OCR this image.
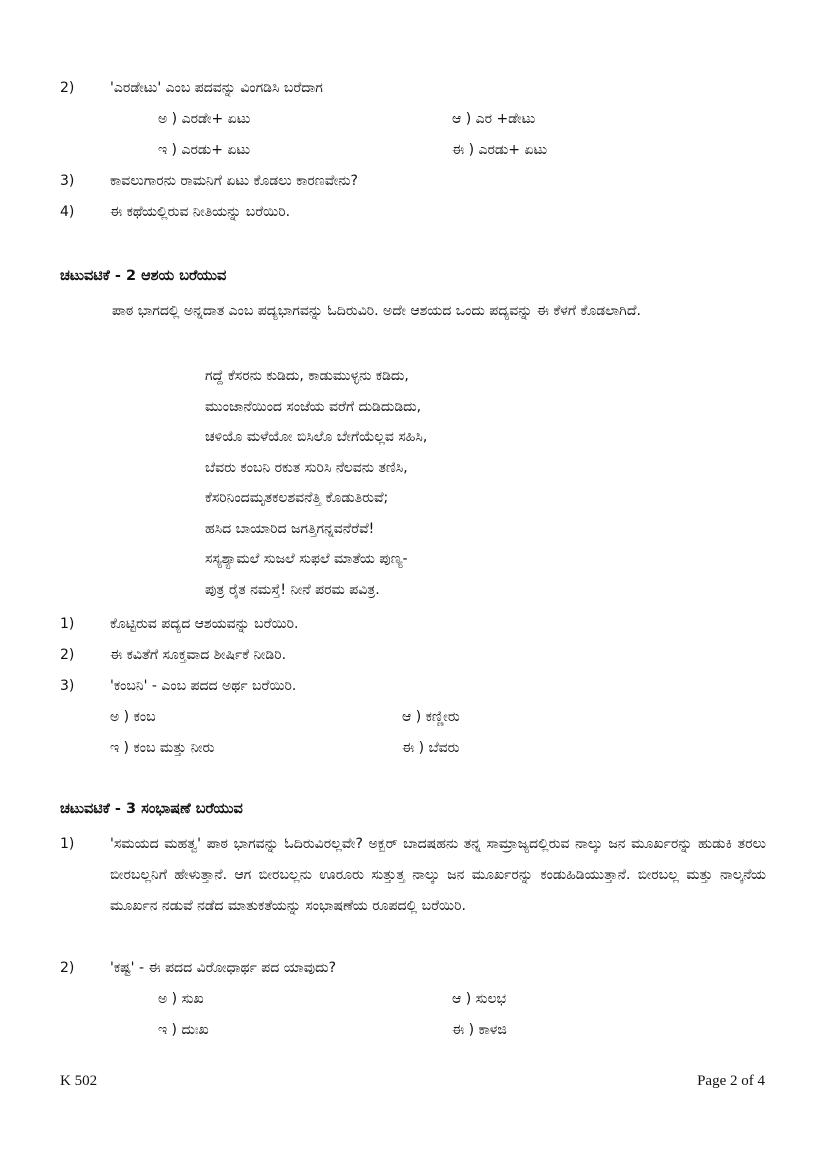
2)	'ಎರಡೇಟು' ಎಂಬ ಪದವನ್ನು ವಿಂಗಡಿಸಿ ಬರೆದಾಗ
ಅ ) ಎರಡೇ+ ಏಟು	ಆ ) ಎರ +ಡೇಟು
ಇ ) ಎರಡು+ ಏಟು	ಈ ) ಎರಡು+ ಏಟು
3)	ಕಾವಲುಗಾರನು ರಾಮನಿಗೆ ಏಟು ಕೊಡಲು ಕಾರಣವೇನು?
4)	ಈ ಕಥೆಯಲ್ಲಿರುವ ನೀತಿಯನ್ನು ಬರೆಯಿರಿ.
ಚಟುವಟಿಕೆ - 2 ಆಶಯ ಬರೆಯುವ
ಪಾಠ ಭಾಗದಲ್ಲಿ ಅನ್ನದಾತ ಎಂಬ ಪದ್ಯಭಾಗವನ್ನು ಓದಿರುವಿರಿ. ಅದೇ ಆಶಯದ ಒಂದು ಪದ್ಯವನ್ನು ಈ ಕೆಳಗೆ ಕೊಡಲಾಗಿದೆ.
ಗದ್ದೆ ಕೆಸರನು ಕುಡಿದು, ಕಾಡುಮುಳ್ಳನು ಕಡಿದು,
ಮುಂಜಾನೆಯಿಂದ ಸಂಜೆಯ ವರೆಗೆ ದುಡಿದುಡಿದು,
ಚಳಿಯೊ ಮಳೆಯೋ ಬಿಸಿಲೊ ಬೇಗೆಯೆಲ್ಲವ ಸಹಿಸಿ,
ಬೆವರು ಕಂಬನಿ ರಕುತ ಸುರಿಸಿ ನೆಲವನು ತಣಿಸಿ,
ಕೆಸರಿನಿಂದಮೃತಕಲಶವನೆತ್ತಿ ಕೊಡುತಿರುವೆ;
ಹಸಿದ ಬಾಯಾರಿದ ಜಗತ್ತಿಗನ್ನವನೆರೆವೆ!
ಸಸ್ಯಶ್ಯಾಮಲೆ ಸುಜಲೆ ಸುಫಲೆ ಮಾತೆಯ ಪುಣ್ಯ-
ಪುತ್ರ ರೈತ ನಮಸ್ತೆ! ನೀನೆ ಪರಮ ಪವಿತ್ರ.
1)	ಕೊಟ್ಟಿರುವ ಪದ್ಯದ ಆಶಯವನ್ನು ಬರೆಯಿರಿ.
2)	ಈ ಕವಿತೆಗೆ ಸೂಕ್ತವಾದ ಶೀರ್ಷಿಕೆ ನೀಡಿರಿ.
3)	'ಕಂಬನಿ' - ಎಂಬ ಪದದ ಅರ್ಥ ಬರೆಯಿರಿ.
ಅ ) ಕಂಬ	ಆ ) ಕಣ್ಣೀರು
ಇ ) ಕಂಬ ಮತ್ತು ನೀರು	ಈ ) ಬೆವರು
ಚಟುವಟಿಕೆ - 3 ಸಂಭಾಷಣೆ ಬರೆಯುವ
1)	'ಸಮಯದ ಮಹತ್ವ' ಪಾಠ ಭಾಗವನ್ನು ಓದಿರುವಿರಲ್ಲವೇ? ಅಕ್ಬರ್ ಬಾದಷಹನು ತನ್ನ ಸಾಮ್ರಾಜ್ಯದಲ್ಲಿರುವ ನಾಲ್ಕು ಜನ ಮೂರ್ಖರನ್ನು ಹುಡುಕಿ ತರಲು ಬೀರಬಲ್ಲನಿಗೆ ಹೇಳುತ್ತಾನೆ. ಆಗ ಬೀರಬಲ್ಲನು ಊರೂರು ಸುತ್ತುತ್ತ ನಾಲ್ಕು ಜನ ಮೂರ್ಖರನ್ನು ಕಂಡುಹಿಡಿಯುತ್ತಾನೆ. ಬೀರಬಲ್ಲ ಮತ್ತು ನಾಲ್ಕನೆಯ ಮೂರ್ಖನ ನಡುವೆ ನಡೆದ ಮಾತುಕತೆಯನ್ನು ಸಂಭಾಷಣೆಯ ರೂಪದಲ್ಲಿ ಬರೆಯಿರಿ.
2)	'ಕಷ್ಟ' - ಈ ಪದದ ವಿರೋಧಾರ್ಥ ಪದ ಯಾವುದು?
ಅ ) ಸುಖ	ಆ ) ಸುಲಭ
ಇ ) ದುಃಖ	ಈ ) ಕಾಳಜಿ
K 502	Page 2 of 4
